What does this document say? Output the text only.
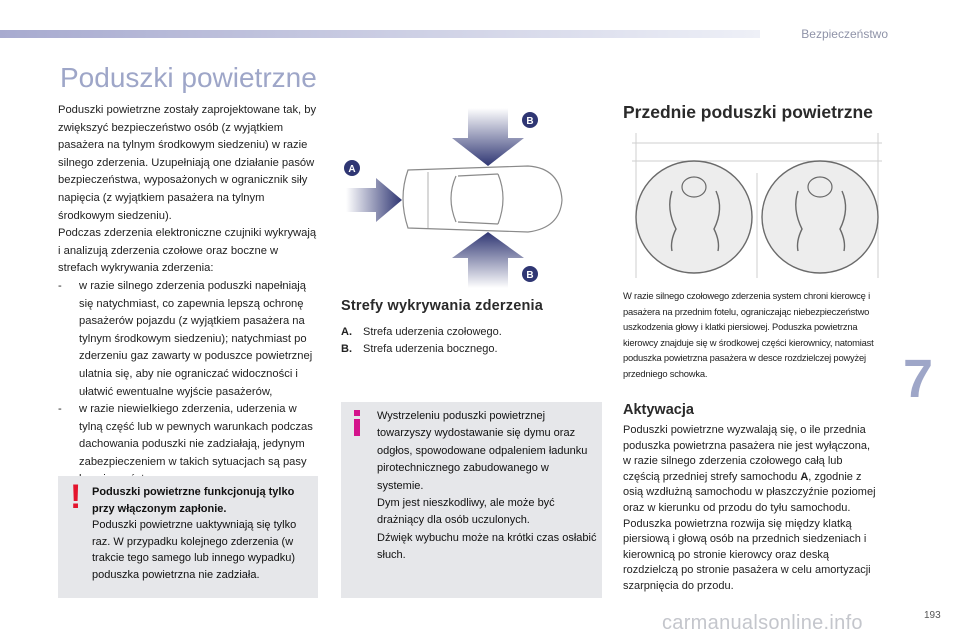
Bezpieczeństwo
Poduszki powietrzne

Poduszki powietrzne zostały zaprojektowane tak, by zwiększyć bezpieczeństwo osób (z wyjątkiem pasażera na tylnym środkowym siedzeniu) w razie silnego zderzenia. Uzupełniają one działanie pasów bezpieczeństwa, wyposażonych w ogranicznik siły napięcia (z wyjątkiem pasażera na tylnym środkowym siedzeniu).

Podczas zderzenia elektroniczne czujniki wykrywają i analizują zderzenia czołowe oraz boczne w strefach wykrywania zderzenia:

- w razie silnego zderzenia poduszki napełniają się natychmiast, co zapewnia lepszą ochronę pasażerów pojazdu (z wyjątkiem pasażera na tylnym środkowym siedzeniu); natychmiast po zderzeniu gaz zawarty w poduszce powietrznej ulatnia się, aby nie ograniczać widoczności i ułatwić ewentualne wyjście pasażerów,
- w razie niewielkiego zderzenia, uderzenia w tylną część lub w pewnych warunkach podczas dachowania poduszki nie zadziałają, jedynym zabezpieczeniem w takich sytuacjach są pasy
! Poduszki powietrzne funkcjonują tylko przy włączonym zapłonie.
Poduszki powietrzne uaktywniają się tylko raz. W przypadku kolejnego zderzenia (w trakcie tego samego lub innego wypadku) poduszka powietrzna nie zadziała.
A
B
B
Strefy wykrywania zderzenia
A. Strefa uderzenia czołowego.
B. Strefa uderzenia bocznego.
Wystrzeleniu poduszki powietrznej towarzyszy wydostawanie się dymu oraz odgłos, spowodowane odpaleniem ładunku pirotechnicznego zabudowanego w systemie.
Dym jest nieszkodliwy, ale może być drażniący dla osób uczulonych.
Dźwięk wybuchu może na krótki czas osłabić słuch.
Przednie poduszki powietrzne
W razie silnego czołowego zderzenia system chroni kierowcę i pasażera na przednim fotelu, ograniczając niebezpieczeństwo uszkodzenia głowy i klatki piersiowej. Poduszka powietrzna kierowcy znajduje się w środkowej części kierownicy, natomiast poduszka powietrzna pasażera w desce rozdzielczej powyżej przedniego schowka.
Aktywacja
Poduszki powietrzne wyzwalają się, o ile przednia poduszka powietrzna pasażera nie jest wyłączona, w razie silnego zderzenia czołowego całą lub częścią przedniej strefy samochodu A, zgodnie z osią wzdłużną samochodu w płaszczyźnie poziomej oraz w kierunku od przodu do tyłu samochodu. Poduszka powietrzna rozwija się między klatką piersiową i głową osób na przednich siedzeniach i kierownicą po stronie kierowcy oraz deską rozdzielczą po stronie pasażera w celu amortyzacji szarpnięcia do przodu.
7
193
carmanualsonline.info
